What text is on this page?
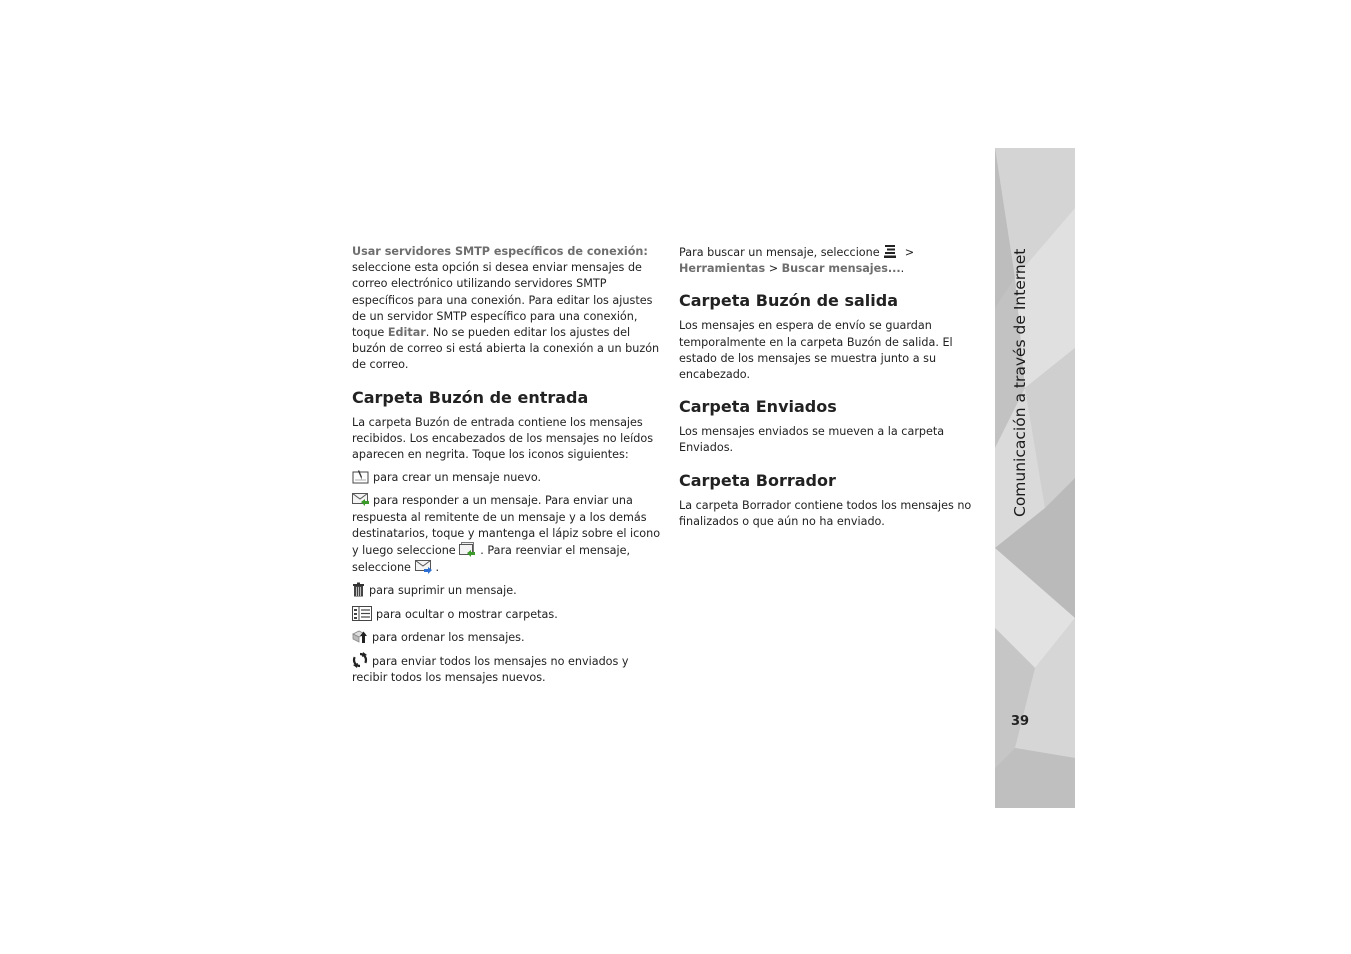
Usar servidores SMTP específicos de conexión: seleccione esta opción si desea enviar mensajes de correo electrónico utilizando servidores SMTP específicos para una conexión. Para editar los ajustes de un servidor SMTP específico para una conexión, toque Editar. No se pueden editar los ajustes del buzón de correo si está abierta la conexión a un buzón de correo.

Carpeta Buzón de entrada

La carpeta Buzón de entrada contiene los mensajes recibidos. Los encabezados de los mensajes no leídos aparecen en negrita. Toque los iconos siguientes:

para crear un mensaje nuevo.

para responder a un mensaje. Para enviar una respuesta al remitente de un mensaje y a los demás destinatarios, toque y mantenga el lápiz sobre el icono y luego seleccione
. Para reenviar el mensaje, seleccione
.

para suprimir un mensaje.

para ocultar o mostrar carpetas.

para ordenar los mensajes.

para enviar todos los mensajes no enviados y recibir todos los mensajes nuevos.

Para buscar un mensaje, seleccione
> Herramientas > Buscar mensajes....

Carpeta Buzón de salida

Los mensajes en espera de envío se guardan temporalmente en la carpeta Buzón de salida. El estado de los mensajes se muestra junto a su encabezado.

Carpeta Enviados

Los mensajes enviados se mueven a la carpeta Enviados.

Carpeta Borrador

La carpeta Borrador contiene todos los mensajes no finalizados o que aún no ha enviado.

Comunicación a través de Internet
39
